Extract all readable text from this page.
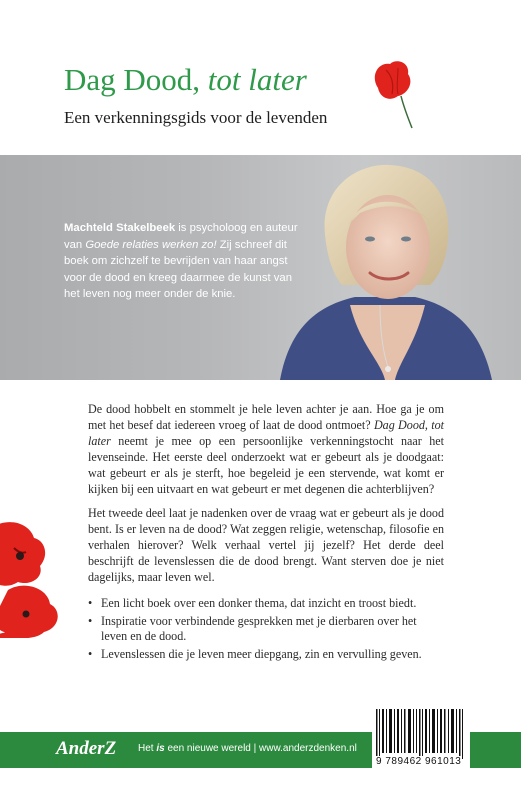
Dag Dood, tot later
Een verkenningsgids voor de levenden
Machteld Stakelbeek is psycholoog en auteur van Goede relaties werken zo! Zij schreef dit boek om zichzelf te bevrijden van haar angst voor de dood en kreeg daarmee de kunst van het leven nog meer onder de knie.
De dood hobbelt en stommelt je hele leven achter je aan. Hoe ga je om met het besef dat iedereen vroeg of laat de dood ontmoet? Dag Dood, tot later neemt je mee op een persoonlijke verkenningstocht naar het levenseinde. Het eerste deel onderzoekt wat er gebeurt als je doodgaat: wat gebeurt er als je sterft, hoe begeleid je een stervende, wat komt er kijken bij een uitvaart en wat gebeurt er met degenen die achterblijven?
Het tweede deel laat je nadenken over de vraag wat er gebeurt als je dood bent. Is er leven na de dood? Wat zeggen religie, wetenschap, filosofie en verhalen hierover? Welk verhaal vertel jij jezelf? Het derde deel beschrijft de levenslessen die de dood brengt. Want sterven doe je niet dagelijks, maar leven wel.
• Een licht boek over een donker thema, dat inzicht en troost biedt.
• Inspiratie voor verbindende gesprekken met je dierbaren over het leven en de dood.
• Levenslessen die je leven meer diepgang, zin en vervulling geven.
AnderZ Het is een nieuwe wereld | www.anderzdenken.nl
9 789462 961013
